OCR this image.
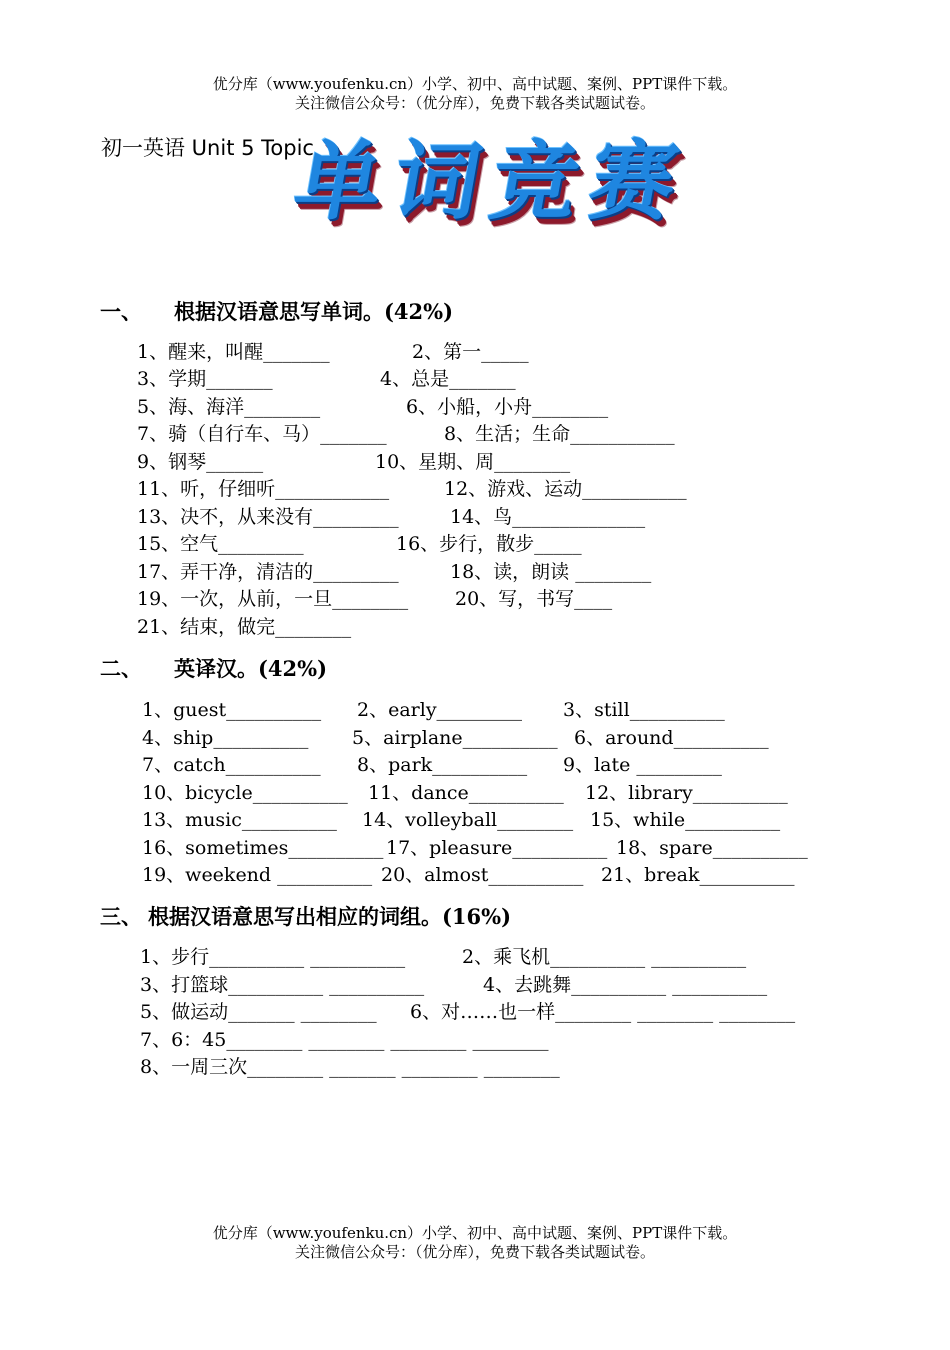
优分库（www.youfenku.cn）小学、初中、高中试题、案例、PPT课件下载。
关注微信公众号：（优分库），免费下载各类试题试卷。
初一英语 Unit 5 Topic
单
词
竞
赛
一、 根据汉语意思写单词。(42%)
1、醒来，叫醒_______	2、第一_____
3、学期_______	4、总是_______
5、海、海洋________	6、小船，小舟________
7、骑（自行车、马）_______	8、生活；生命___________
9、钢琴______	10、星期、周________
11、听，仔细听____________	12、游戏、运动___________
13、决不，从来没有_________	14、鸟______________
15、空气_________	16、步行，散步_____
17、弄干净，清洁的_________	18、读，朗读 ________
19、一次，从前，一旦________ 20、写，书写____
21、结束，做完________
二、 英译汉。(42%)
1、guest__________ 2、early_________ 3、still__________
4、ship__________ 5、airplane__________ 6、around__________
7、catch__________ 8、park__________ 9、late _________
10、bicycle__________ 11、dance__________ 12、library__________
13、music__________ 14、volleyball________ 15、while__________
16、sometimes__________ 17、pleasure__________ 18、spare__________
19、weekend __________ 20、almost__________ 21、break__________
三、 根据汉语意思写出相应的词组。(16%)
1、步行__________ __________	2、乘飞机__________ __________
3、打篮球__________ __________	4、去跳舞__________ __________
5、做运动_______ ________ 6、对……也一样________ ________ ________
7、6：45________ ________ ________ ________
8、一周三次________ _______ ________ ________
优分库（www.youfenku.cn）小学、初中、高中试题、案例、PPT课件下载。
关注微信公众号：（优分库），免费下载各类试题试卷。
